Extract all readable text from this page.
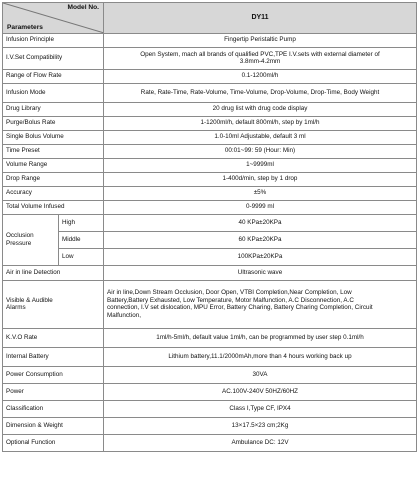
Model No.

Parameters		DY11
Infusion Principle		Fingertip Peristaltic Pump
I.V.Set Compatibility		Open System, mach all brands of qualified PVC,TPE I.V.sets with external diameter of
3.8mm-4.2mm
Range of Flow Rate		0.1-1200ml/h
Infusion Mode		Rate, Rate-Time, Rate-Volume, Time-Volume, Drop-Volume, Drop-Time, Body Weight
Drug Library		20 drug list with drug code display
Purge/Bolus Rate		1-1200ml/h, default 800ml/h, step by 1ml/h
Single Bolus Volume		1.0-10ml Adjustable, default 3 ml
Time Preset		00:01~99: 59 (Hour: Min)
Volume Range		1~9999ml
Drop Range		1-400d/min, step by 1 drop
Accuracy		±5%
Total Volume Infused		0-9999 ml
Occlusion
Pressure	High	40 KPa±20KPa
	Middle	60 KPa±20KPa
	Low	100KPa±20KPa
Air in line Detection		Ultrasonic wave
Visible & Audible
Alarms		Air in line,Down Stream Occlusion, Door Open, VTBI Completion,Near Completion, Low
Battery,Battery Exhausted, Low Temperature, Motor Malfunction, A.C Disconnection, A.C
connection, I.V set dislocation, MPU Error, Battery Charing, Battery Charing Completion, Circuit
Malfunction,
K.V.O Rate		1ml/h-5ml/h, default value 1ml/h, can be programmed by user step 0.1ml/h
Internal Battery		Lithium battery,11.1/2000mAh,more than 4 hours working back up
Power Consumption		30VA
Power		AC.100V-240V 50HZ/60HZ
Classification		Class I,Type CF, IPX4
Dimension & Weight		13×17.5×23 cm;2Kg
Optional Function		Ambulance DC: 12V
